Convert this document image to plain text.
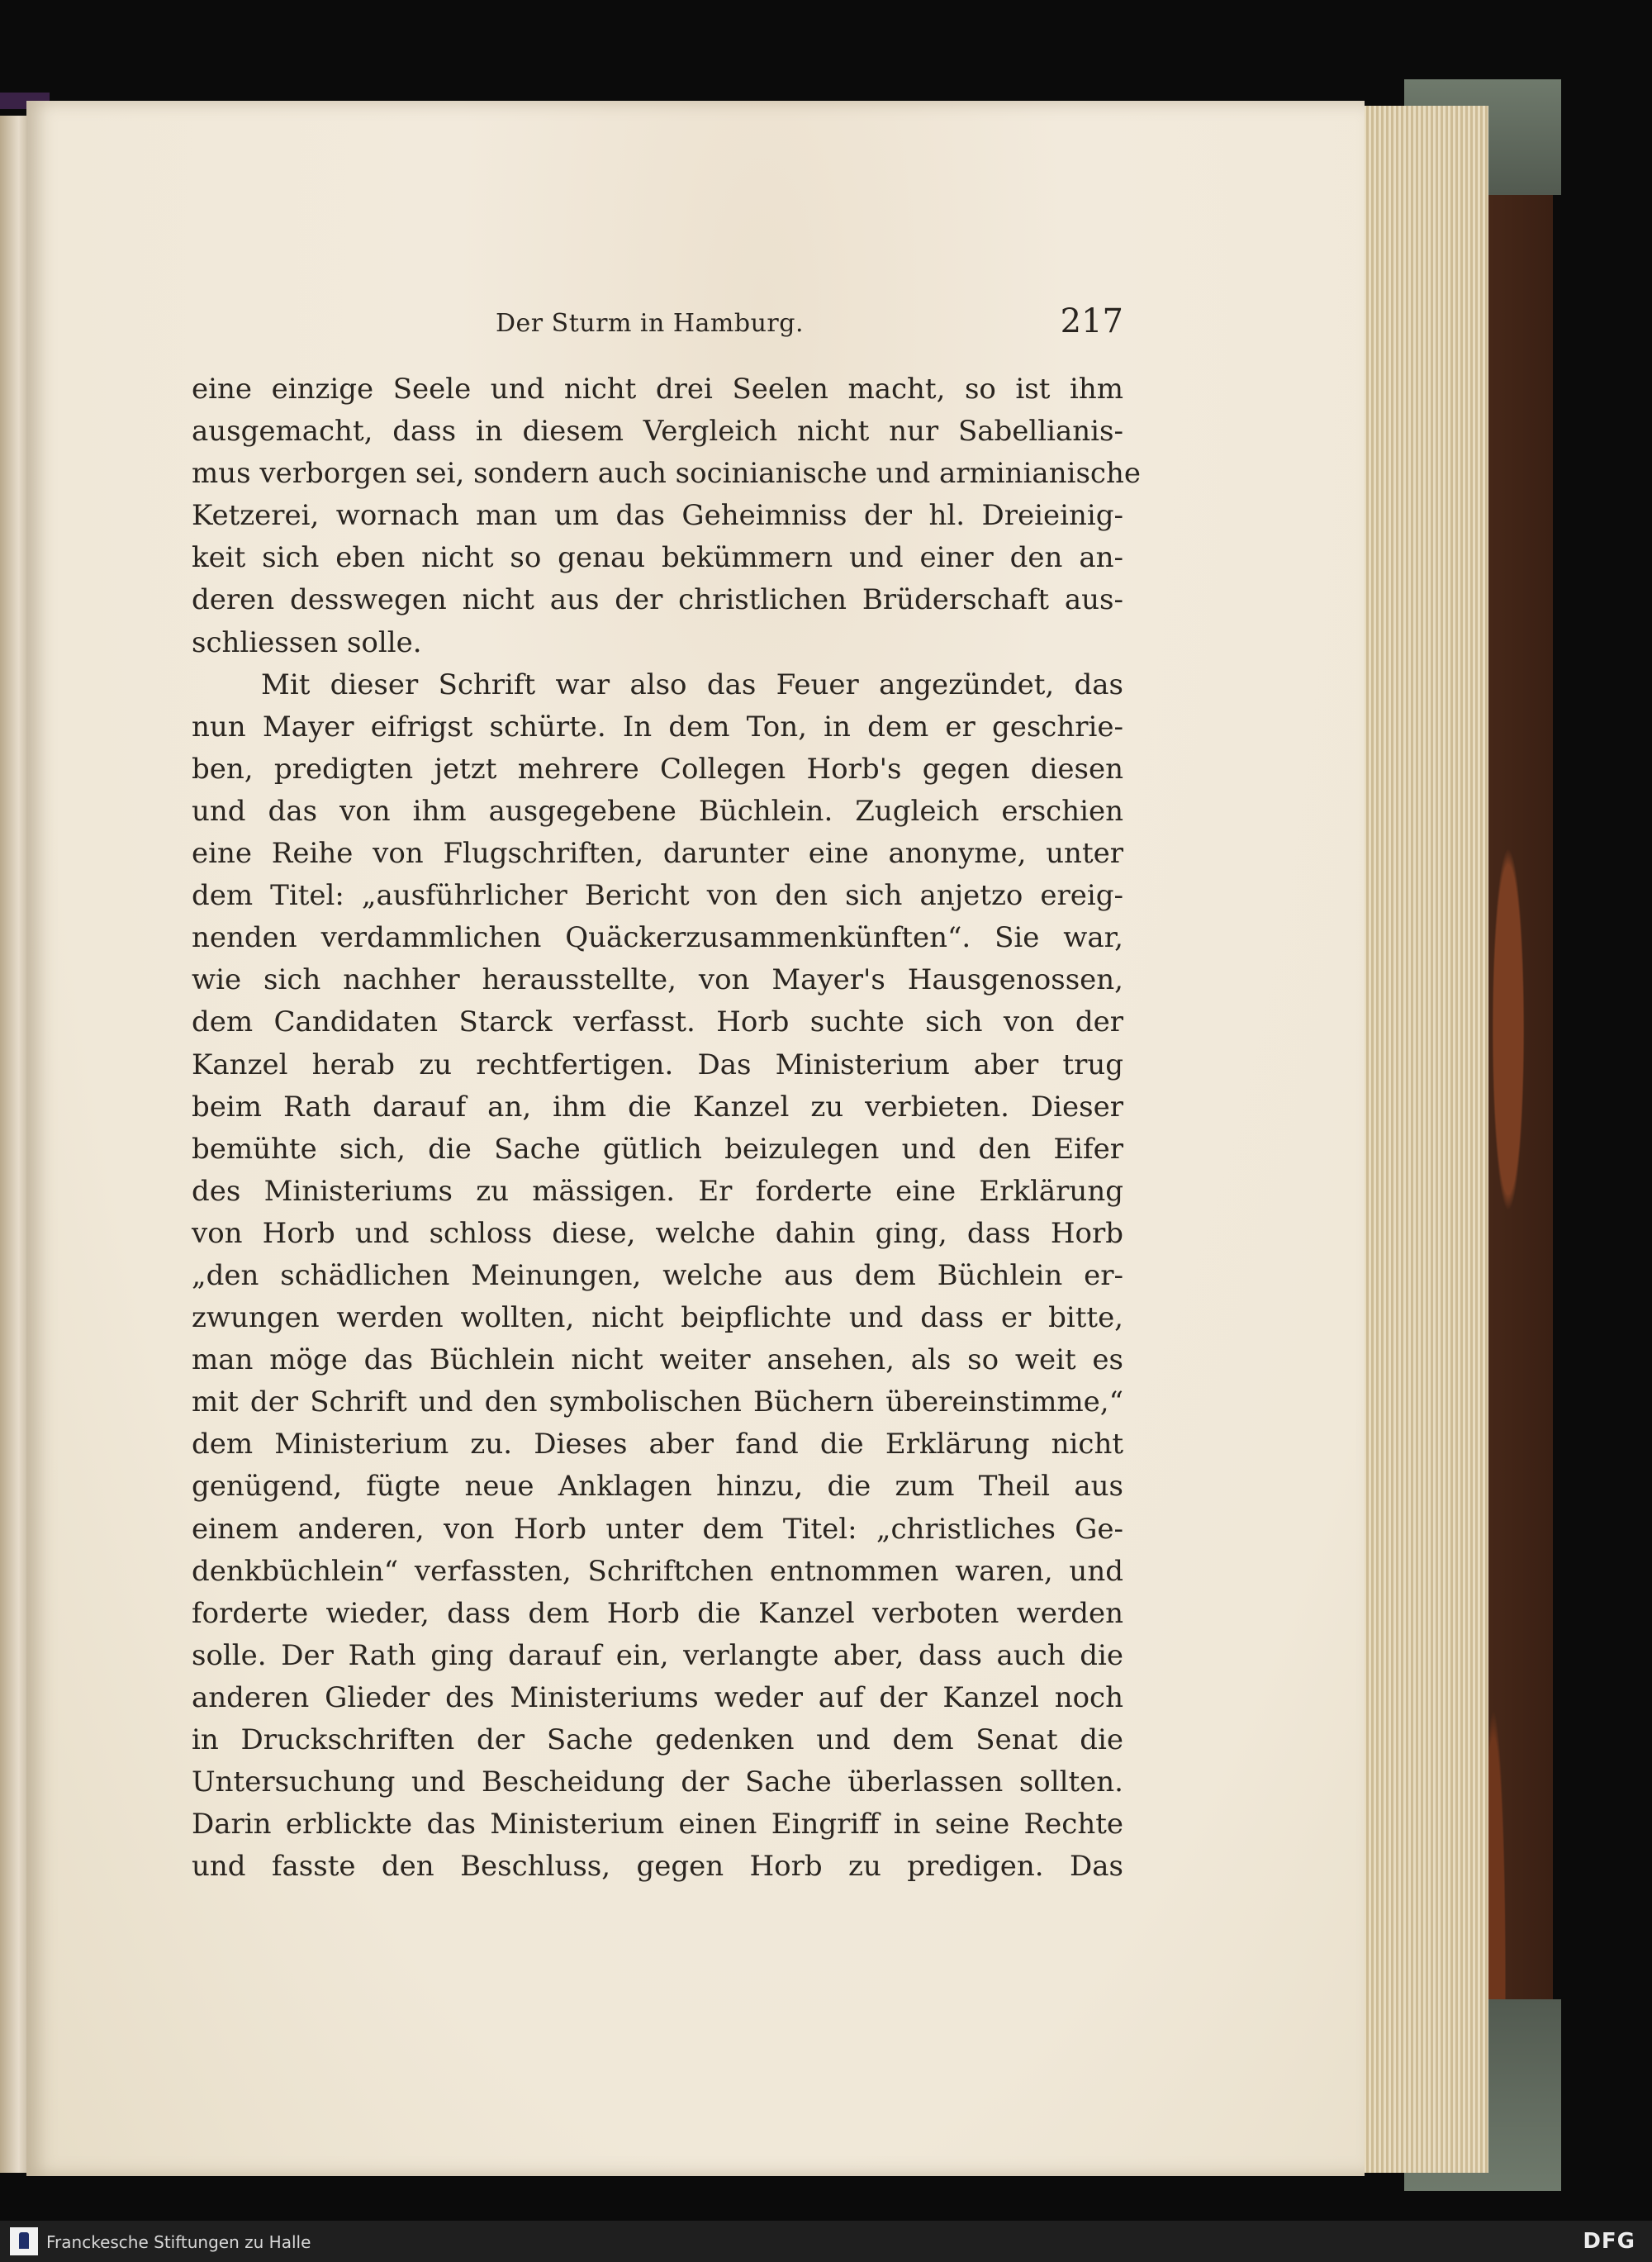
Der Sturm in Hamburg.	217
eine einzige Seele und nicht drei Seelen macht, so ist ihm
ausgemacht, dass in diesem Vergleich nicht nur Sabellianis-
mus verborgen sei, sondern auch socinianische und arminianische
Ketzerei, wornach man um das Geheimniss der hl. Dreieinig-
keit sich eben nicht so genau bekümmern und einer den an-
deren desswegen nicht aus der christlichen Brüderschaft aus-
schliessen solle.
Mit dieser Schrift war also das Feuer angezündet, das
nun Mayer eifrigst schürte. In dem Ton, in dem er geschrie-
ben, predigten jetzt mehrere Collegen Horb's gegen diesen
und das von ihm ausgegebene Büchlein. Zugleich erschien
eine Reihe von Flugschriften, darunter eine anonyme, unter
dem Titel: „ausführlicher Bericht von den sich anjetzo ereig-
nenden verdammlichen Quäckerzusammenkünften“. Sie war,
wie sich nachher herausstellte, von Mayer's Hausgenossen,
dem Candidaten Starck verfasst. Horb suchte sich von der
Kanzel herab zu rechtfertigen. Das Ministerium aber trug
beim Rath darauf an, ihm die Kanzel zu verbieten. Dieser
bemühte sich, die Sache gütlich beizulegen und den Eifer
des Ministeriums zu mässigen. Er forderte eine Erklärung
von Horb und schloss diese, welche dahin ging, dass Horb
„den schädlichen Meinungen, welche aus dem Büchlein er-
zwungen werden wollten, nicht beipflichte und dass er bitte,
man möge das Büchlein nicht weiter ansehen, als so weit es
mit der Schrift und den symbolischen Büchern übereinstimme,“
dem Ministerium zu. Dieses aber fand die Erklärung nicht
genügend, fügte neue Anklagen hinzu, die zum Theil aus
einem anderen, von Horb unter dem Titel: „christliches Ge-
denkbüchlein“ verfassten, Schriftchen entnommen waren, und
forderte wieder, dass dem Horb die Kanzel verboten werden
solle. Der Rath ging darauf ein, verlangte aber, dass auch die
anderen Glieder des Ministeriums weder auf der Kanzel noch
in Druckschriften der Sache gedenken und dem Senat die
Untersuchung und Bescheidung der Sache überlassen sollten.
Darin erblickte das Ministerium einen Eingriff in seine Rechte
und fasste den Beschluss, gegen Horb zu predigen. Das
Franckesche Stiftungen zu Halle	DFG
